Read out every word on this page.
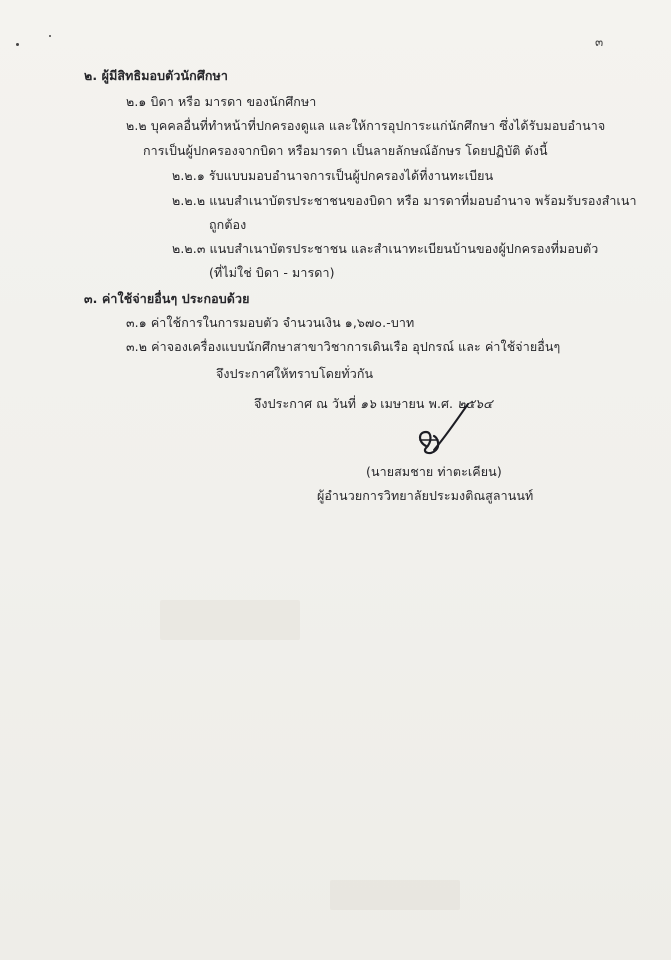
๓
๒. ผู้มีสิทธิมอบตัวนักศึกษา
๒.๑ บิดา หรือ มารดา ของนักศึกษา
๒.๒ บุคคลอื่นที่ทำหน้าที่ปกครองดูแล และให้การอุปการะแก่นักศึกษา ซึ่งได้รับมอบอำนาจ
การเป็นผู้ปกครองจากบิดา หรือมารดา เป็นลายลักษณ์อักษร โดยปฏิบัติ ดังนี้
๒.๒.๑ รับแบบมอบอำนาจการเป็นผู้ปกครองได้ที่งานทะเบียน
๒.๒.๒ แนบสำเนาบัตรประชาชนของบิดา หรือ มารดาที่มอบอำนาจ พร้อมรับรองสำเนา
ถูกต้อง
๒.๒.๓ แนบสำเนาบัตรประชาชน และสำเนาทะเบียนบ้านของผู้ปกครองที่มอบตัว
(ที่ไม่ใช่ บิดา - มารดา)
๓. ค่าใช้จ่ายอื่นๆ ประกอบด้วย
๓.๑ ค่าใช้การในการมอบตัว จำนวนเงิน ๑,๖๗๐.-บาท
๓.๒ ค่าจองเครื่องแบบนักศึกษาสาขาวิชาการเดินเรือ อุปกรณ์ และ ค่าใช้จ่ายอื่นๆ
จึงประกาศให้ทราบโดยทั่วกัน
จึงประกาศ ณ วันที่ ๑๖ เมษายน พ.ศ. ๒๕๖๔
(นายสมชาย ท่าตะเคียน)
ผู้อำนวยการวิทยาลัยประมงติณสูลานนท์
